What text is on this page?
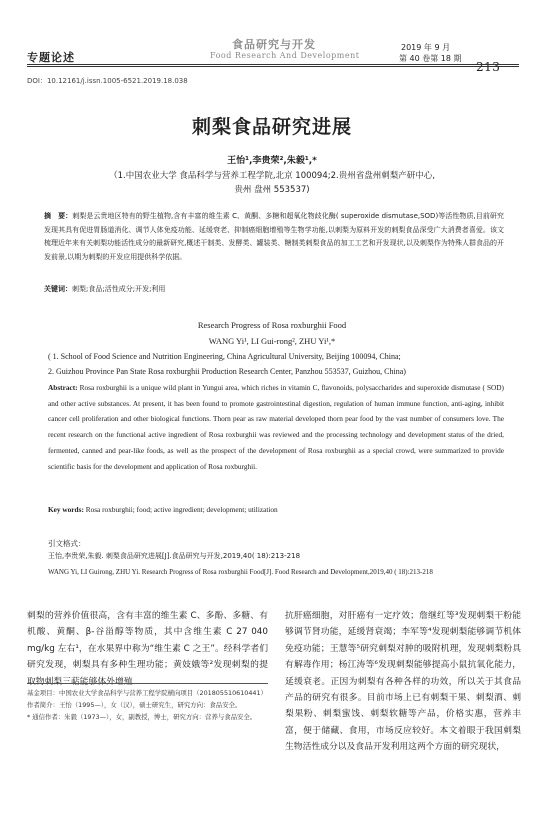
专题论述
食品研究与开发
Food Research And Development
2019 年 9 月
第 40 卷第 18 期
213
DOI：10.12161/j.issn.1005-6521.2019.18.038
刺梨食品研究进展
王怡¹,李贵荣²,朱毅¹,*
（1.中国农业大学 食品科学与营养工程学院,北京 100094;2.贵州省盘州刺梨产研中心,
贵州 盘州 553537)
摘　要：刺梨是云贵地区特有的野生植物,含有丰富的维生素 C、黄酮、多糖和超氧化物歧化酶( superoxide dismutase,SOD)等活性物质,目前研究发现其具有促进胃肠道消化、调节人体免疫功能、延缓衰老、抑制癌细胞增殖等生物学功能,以刺梨为原料开发的刺梨食品深受广大消费者喜爱。该文梳理近年来有关刺梨功能活性成分的最新研究,概述干制类、发酵类、罐装类、糖制类刺梨食品的加工工艺和开发现状,以及刺梨作为特殊人群食品的开发前景,以期为刺梨的开发应用提供科学依据。
关键词：刺梨;食品;活性成分;开发;利用
Research Progress of Rosa roxburghii Food
WANG Yi¹, LI Gui-rong², ZHU Yi¹,*
( 1. School of Food Science and Nutrition Engineering, China Agricultural University, Beijing 100094, China;
2. Guizhou Province Pan State Rosa roxburghii Production Research Center, Panzhou 553537, Guizhou, China)
Abstract: Rosa roxburghii is a unique wild plant in Yungui area, which riches in vitamin C, flavonoids, polysaccharides and superoxide dismutase ( SOD) and other active substances. At present, it has been found to promote gastrointestinal digestion, regulation of human immune function, anti-aging, inhibit cancer cell proliferation and other biological functions. Thorn pear as raw material developed thorn pear food by the vast number of consumers love. The recent research on the functional active ingredient of Rosa roxburghii was reviewed and the processing technology and development status of the dried, fermented, canned and pear-like foods, as well as the prospect of the development of Rosa roxburghii as a special crowd, were summarized to provide scientific basis for the development and application of Rosa roxburghii.
Key words: Rosa roxburghii; food; active ingredient; development; utilization
引文格式：
王怡,李贵荣,朱毅. 刺梨食品研究进展[J].食品研究与开发,2019,40( 18):213-218
WANG Yi, LI Guirong, ZHU Yi. Research Progress of Rosa roxburghii Food[J]. Food Research and Development,2019,40 ( 18):213-218
刺梨的营养价值很高，含有丰富的维生素 C、多酚、多糖、有机酸、黄酮、β-谷甾醇等物质，其中含维生素 C 27 040 mg/kg 左右¹，在水果界中称为“维生素 C 之王”。经科学者们研究发现，刺梨具有多种生理功能；黄妓娥等²发现刺梨的提取物刺梨三萜能够体外增殖
抗肝癌细胞，对肝癌有一定疗效；詹继红等³发现刺梨干粉能够调节肾功能，延缓肾衰竭；李军等⁴发现刺梨能够调节机体免疫功能；王慧等⁵研究刺梨对肿的吸附机理，发现刺梨粉具有解毒作用；杨江涛等⁶发现刺梨能够提高小鼠抗氧化能力，延缓衰老。正因为刺梨有各种各样的功效，所以关于其食品产品的研究有很多。目前市场上已有刺梨干果、刺梨酒、刺梨果粉、刺梨蜜饯、刺梨软糖等产品，价格实惠，营养丰富，便于储藏、食用，市场反应较好。本文着眼于我国刺梨生物活性成分以及食品开发利用这两个方面的研究现状，
基金项目：中国农业大学食品科学与营养工程学院横向项目（201805510610441）
作者简介：王怡（1995—），女（汉），硕士研究生，研究方向：食品安全。
* 通信作者：朱毅（1973—），女，副教授，博士，研究方向：营养与食品安全。
